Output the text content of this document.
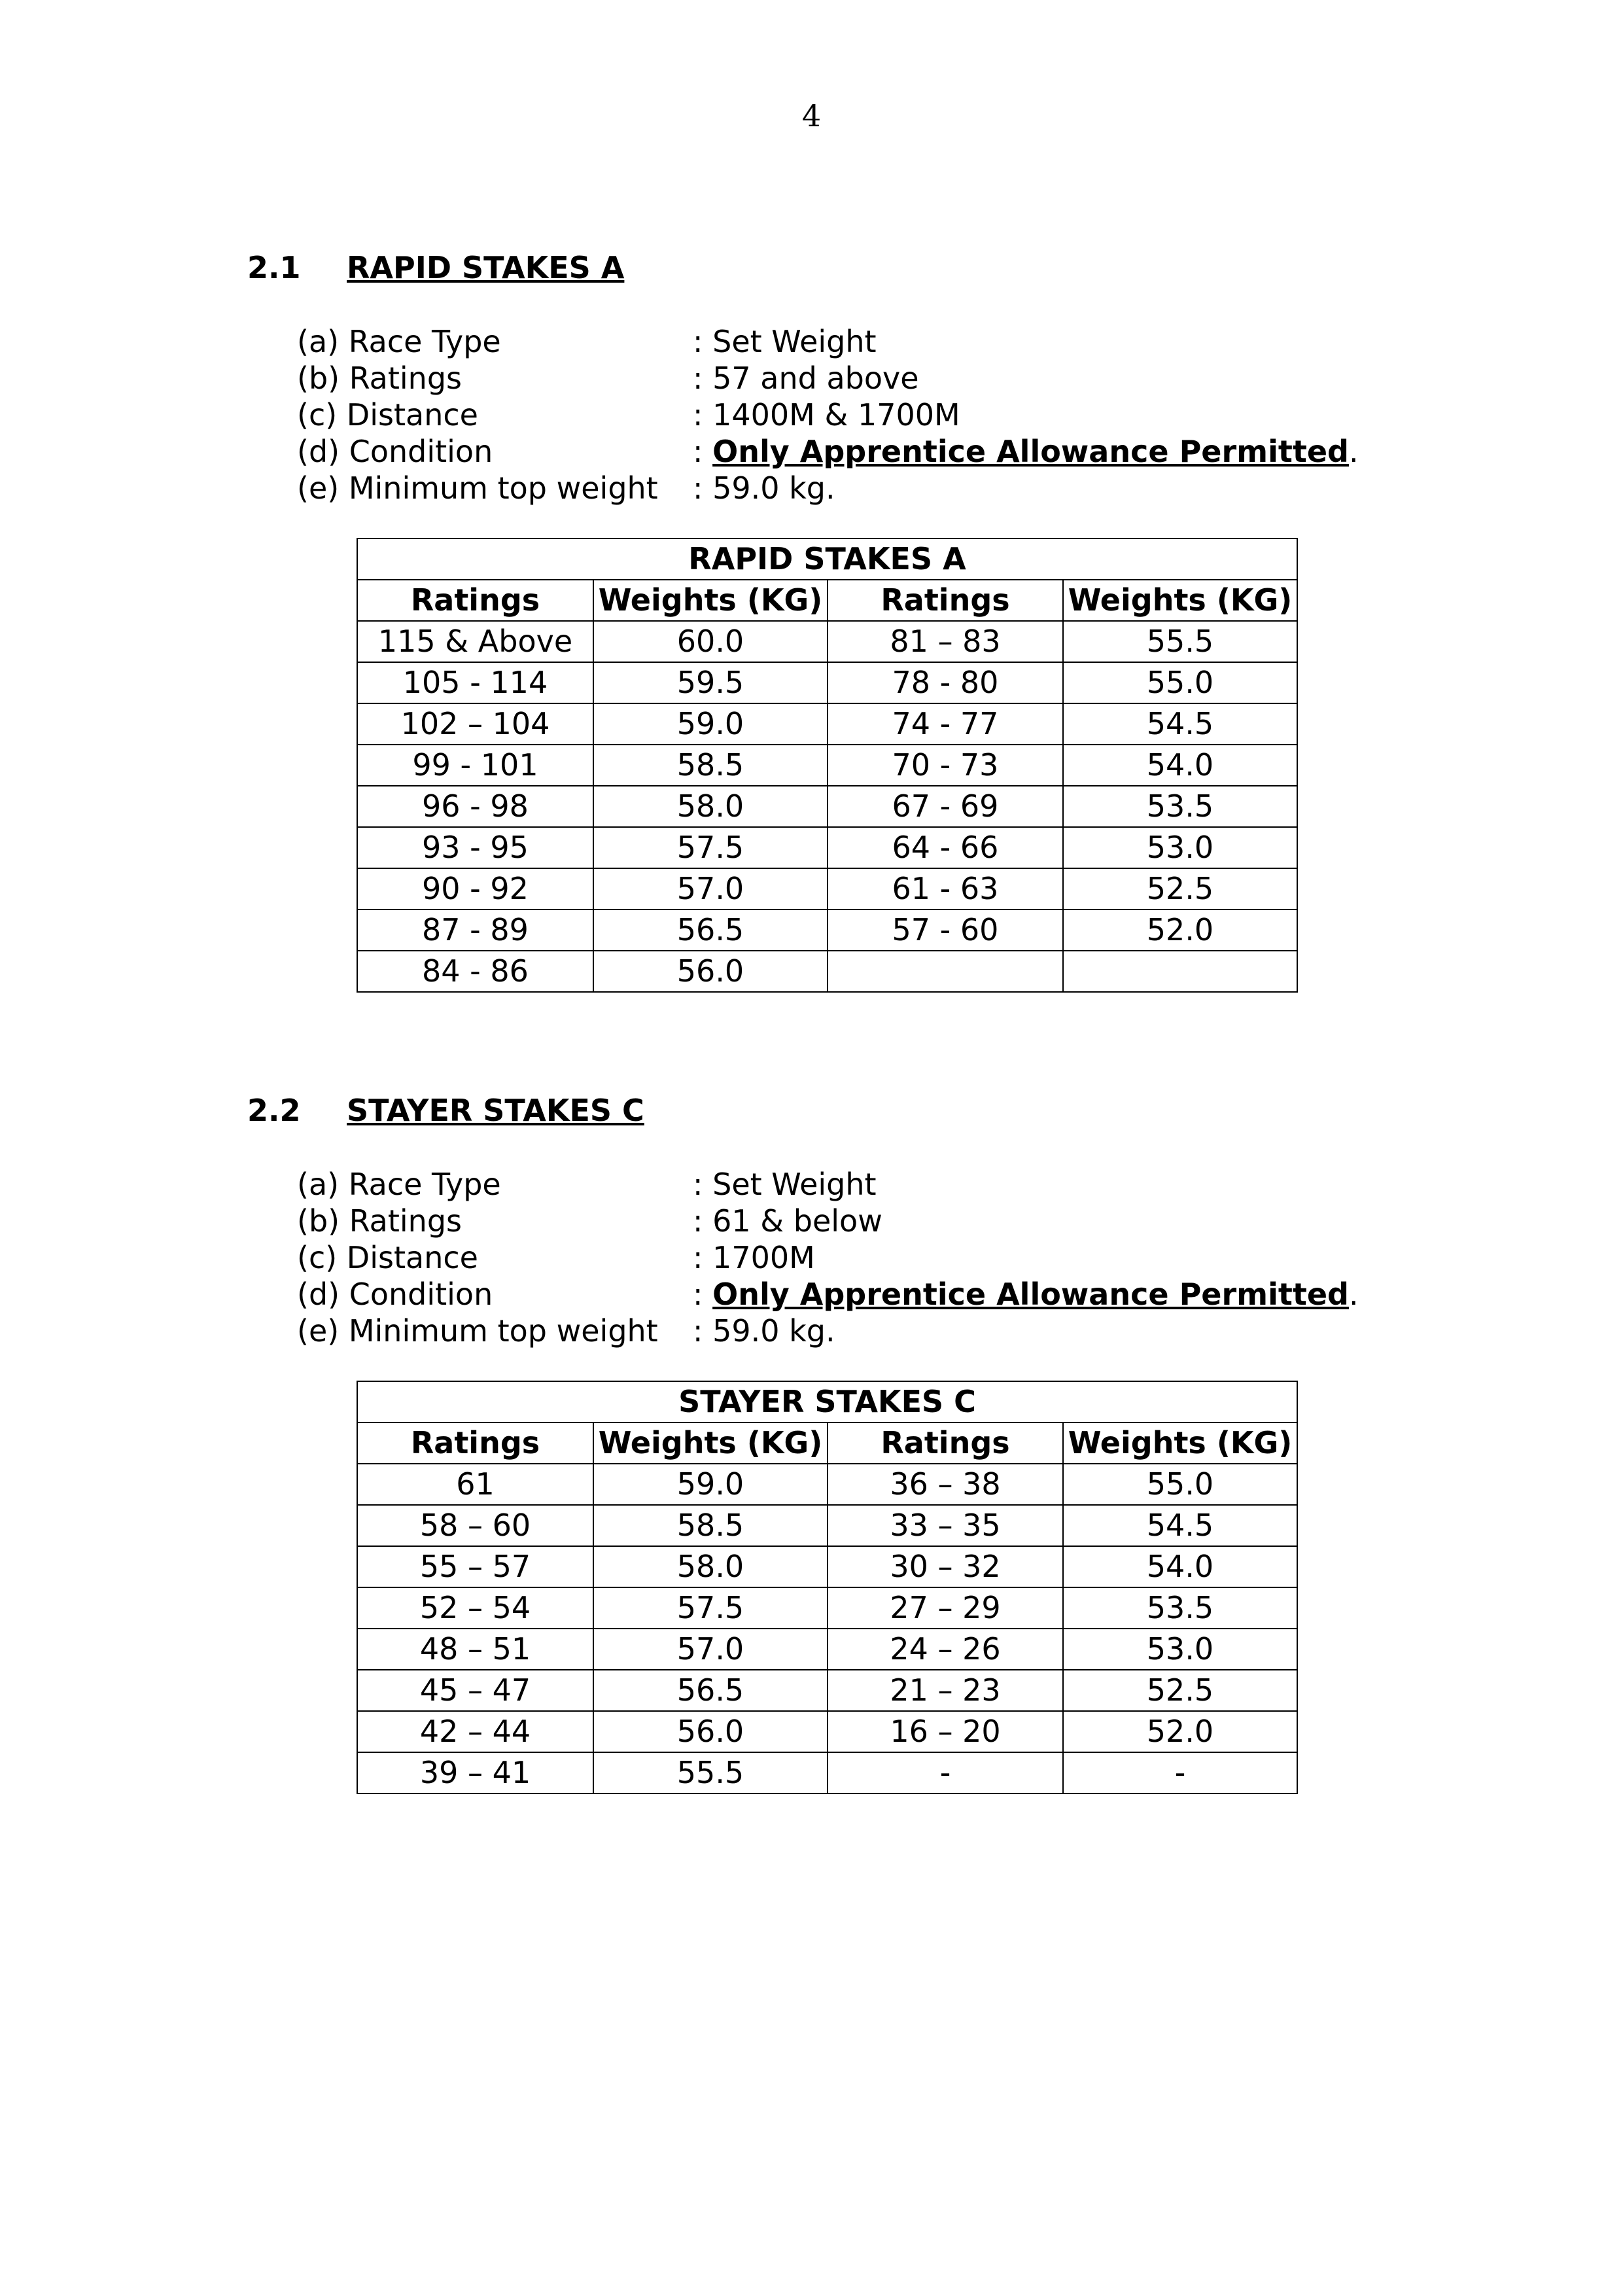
4
2.1 RAPID STAKES A
(a) Race Type	: Set Weight
(b) Ratings	: 57 and above
(c) Distance	: 1400M & 1700M
(d) Condition	: Only Apprentice Allowance Permitted.
(e) Minimum top weight : 59.0 kg.
RAPID STAKES A			
Ratings	Weights (KG)	Ratings	Weights (KG)
115 & Above	60.0	81 – 83	55.5
105 - 114	59.5	78 - 80	55.0
102 – 104	59.0	74 - 77	54.5
99 - 101	58.5	70 - 73	54.0
96 - 98	58.0	67 - 69	53.5
93 - 95	57.5	64 - 66	53.0
90 - 92	57.0	61 - 63	52.5
87 - 89	56.5	57 - 60	52.0
84 - 86	56.0		
2.2 STAYER STAKES C
(a) Race Type	: Set Weight
(b) Ratings	: 61 & below
(c) Distance	: 1700M
(d) Condition	: Only Apprentice Allowance Permitted.
(e) Minimum top weight : 59.0 kg.
STAYER STAKES C			
Ratings	Weights (KG)	Ratings	Weights (KG)
61	59.0	36 – 38	55.0
58 – 60	58.5	33 – 35	54.5
55 – 57	58.0	30 – 32	54.0
52 – 54	57.5	27 – 29	53.5
48 – 51	57.0	24 – 26	53.0
45 – 47	56.5	21 – 23	52.5
42 – 44	56.0	16 – 20	52.0
39 – 41	55.5	-	-
